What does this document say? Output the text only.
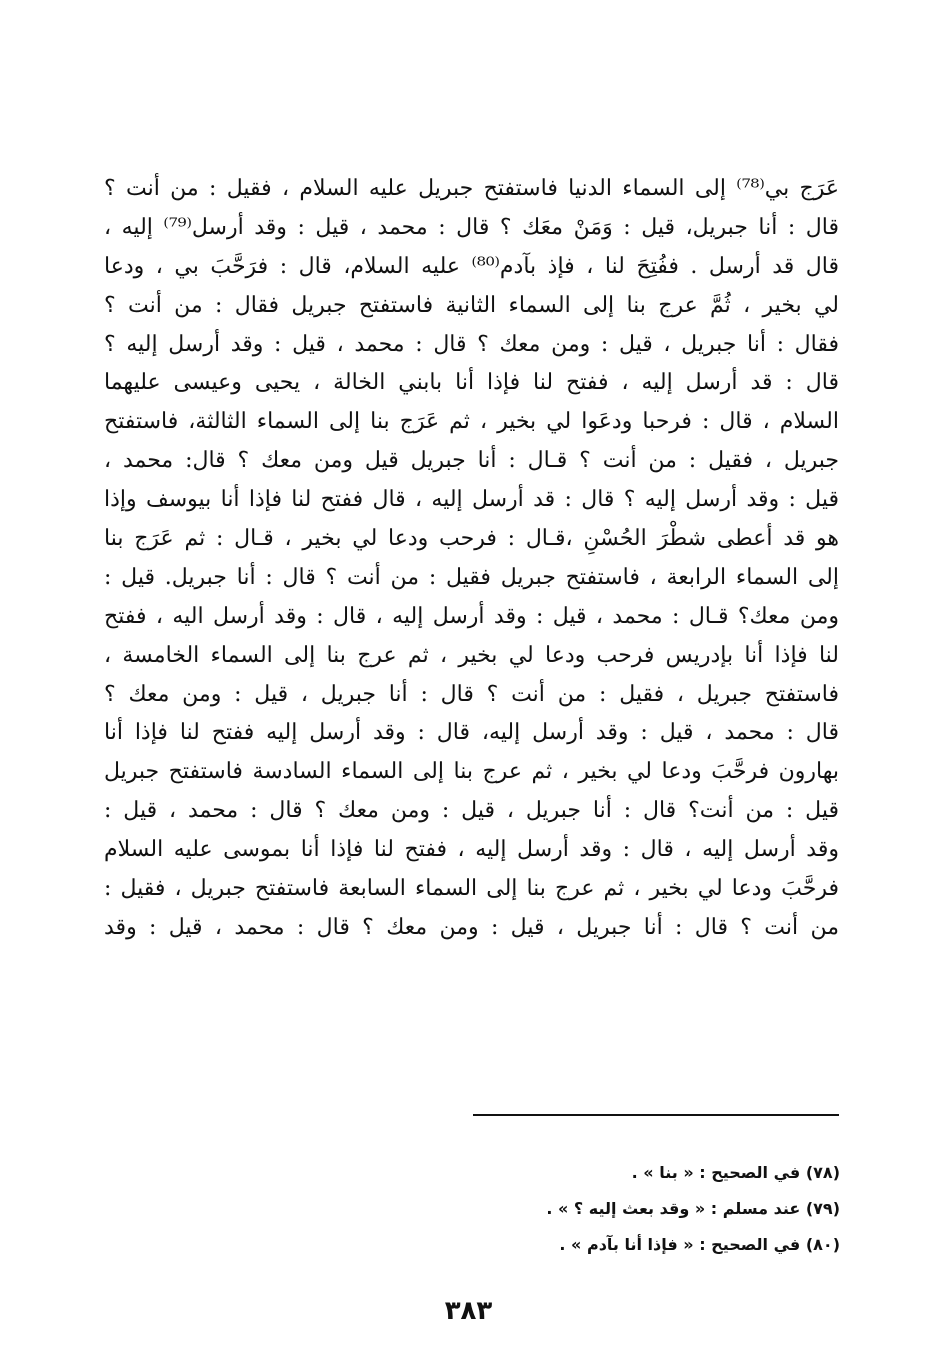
عَرَج بي⁽⁷⁸⁾ إلى السماء الدنيا فاستفتح جبريل عليه السلام ، فقيل : من أنت ؟
قال : أنا جبريل، قيل : وَمَنْ معَك ؟ قال : محمد ، قيل : وقد أرسل⁽⁷⁹⁾ إليه ،
قال قد أرسل . ففُتِحَ لنا ، فإذ بآدم⁽⁸⁰⁾ عليه السلام، قال : فرَحَّبَ بي ، ودعا
لي بخير ، ثُمَّ عرج بنا إلى السماء الثانية فاستفتح جبريل فقال : من أنت ؟
فقال : أنا جبريل ، قيل : ومن معك ؟ قال : محمد ، قيل : وقد أرسل إليه ؟
قال : قد أرسل إليه ، ففتح لنا فإذا أنا بابني الخالة ، يحيى وعيسى عليهما
السلام ، قال : فرحبا ودعَوا لي بخير ، ثم عَرَج بنا إلى السماء الثالثة، فاستفتح
جبريل ، فقيل : من أنت ؟ قـال : أنا جبريل قيل ومن معك ؟ قال: محمد ،
قيل : وقد أرسل إليه ؟ قال : قد أرسل إليه ، قال ففتح لنا فإذا أنا بيوسف وإذا
هو قد أعطى شطْرَ الحُسْنِ ،قـال : فرحب ودعا لي بخير ، قـال : ثم عَرَج بنا
إلى السماء الرابعة ، فاستفتح جبريل فقيل : من أنت ؟ قال : أنا جبريل. قيل :
ومن معك؟ قـال : محمد ، قيل : وقد أرسل إليه ، قال : وقد أرسل اليه ، ففتح
لنا فإذا أنا بإدريس فرحب ودعا لي بخير ، ثم عرج بنا إلى السماء الخامسة ،
فاستفتح جبريل ، فقيل : من أنت ؟ قال : أنا جبريل ، قيل : ومن معك ؟
قال : محمد ، قيل : وقد أرسل إليه، قال : وقد أرسل إليه ففتح لنا فإذا أنا
بهارون فرحَّبَ ودعا لي بخير ، ثم عرج بنا إلى السماء السادسة فاستفتح جبريل
قيل : من أنت؟ قال : أنا جبريل ، قيل : ومن معك ؟ قال : محمد ، قيل :
وقد أرسل إليه ، قال : وقد أرسل إليه ، ففتح لنا فإذا أنا بموسى عليه السلام
فرحَّبَ ودعا لي بخير ، ثم عرج بنا إلى السماء السابعة فاستفتح جبريل ، فقيل :
من أنت ؟ قال : أنا جبريل ، قيل : ومن معك ؟ قال : محمد ، قيل : وقد
(٧٨) في الصحيح : « بنا » .
(٧٩) عند مسلم : « وقد بعث إليه ؟ » .
(٨٠) في الصحيح : « فإذا أنا بآدم » .
٣٨٣
